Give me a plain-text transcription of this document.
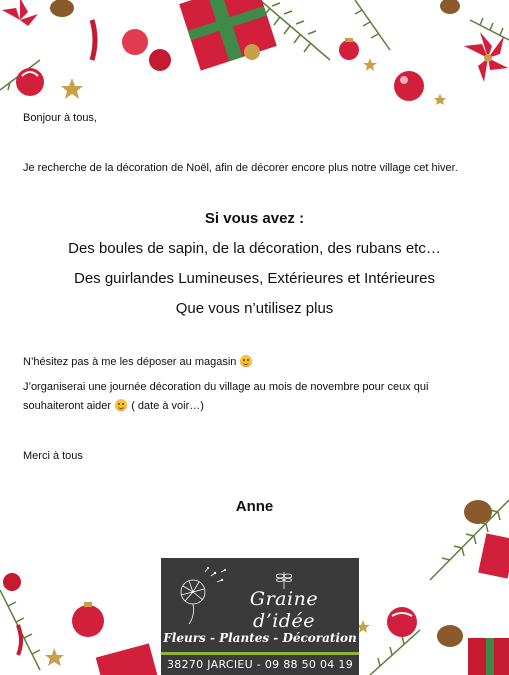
Bonjour à tous,
Je recherche de la décoration de Noël, afin de décorer encore plus notre village cet hiver.
Si vous avez :
Des boules de sapin, de la décoration, des rubans etc…
Des guirlandes Lumineuses, Extérieures et Intérieures
Que vous n’utilisez plus
N’hésitez pas à me les déposer au magasin
J’organiserai une journée décoration du village au mois de novembre pour ceux qui souhaiteront aider ( date à voir…)
Merci à tous
Anne
Graine d’idée
Fleurs - Plantes - Décoration
38270 JARCIEU - 09 88 50 04 19
